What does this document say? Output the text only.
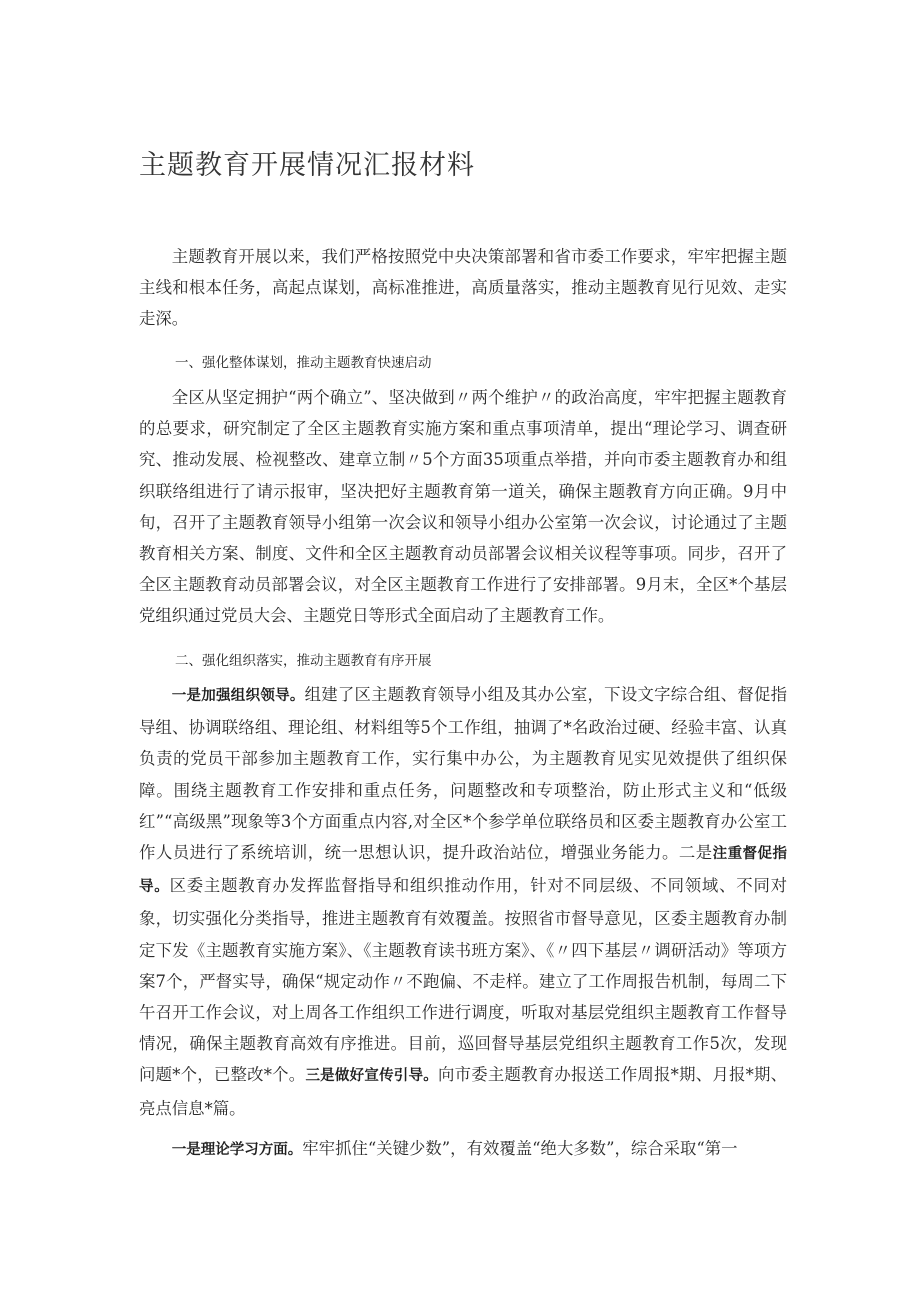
主题教育开展情况汇报材料

主题教育开展以来，我们严格按照党中央决策部署和省市委工作要求，牢牢把握主题主线和根本任务，高起点谋划，高标准推进，高质量落实，推动主题教育见行见效、走实走深。

一、强化整体谋划，推动主题教育快速启动

全区从坚定拥护“两个确立”、坚决做到〃两个维护〃的政治高度，牢牢把握主题教育的总要求，研究制定了全区主题教育实施方案和重点事项清单，提出“理论学习、调查研究、推动发展、检视整改、建章立制〃5个方面35项重点举措，并向市委主题教育办和组织联络组进行了请示报审，坚决把好主题教育第一道关，确保主题教育方向正确。9月中旬，召开了主题教育领导小组第一次会议和领导小组办公室第一次会议，讨论通过了主题教育相关方案、制度、文件和全区主题教育动员部署会议相关议程等事项。同步，召开了全区主题教育动员部署会议，对全区主题教育工作进行了安排部署。9月末，全区*个基层党组织通过党员大会、主题党日等形式全面启动了主题教育工作。

二、强化组织落实，推动主题教育有序开展

一是加强组织领导。组建了区主题教育领导小组及其办公室，下设文字综合组、督促指导组、协调联络组、理论组、材料组等5个工作组，抽调了*名政治过硬、经验丰富、认真负责的党员干部参加主题教育工作，实行集中办公，为主题教育见实见效提供了组织保障。围绕主题教育工作安排和重点任务，问题整改和专项整治，防止形式主义和“低级红”“高级黑”现象等3个方面重点内容,对全区*个参学单位联络员和区委主题教育办公室工作人员进行了系统培训，统一思想认识，提升政治站位，增强业务能力。二是注重督促指导。区委主题教育办发挥监督指导和组织推动作用，针对不同层级、不同领域、不同对象，切实强化分类指导，推进主题教育有效覆盖。按照省市督导意见，区委主题教育办制定下发《主题教育实施方案》、《主题教育读书班方案》、《〃四下基层〃调研活动》等项方案7个，严督实导，确保“规定动作〃不跑偏、不走样。建立了工作周报告机制，每周二下午召开工作会议，对上周各工作组织工作进行调度，听取对基层党组织主题教育工作督导情况，确保主题教育高效有序推进。目前，巡回督导基层党组织主题教育工作5次，发现问题*个，已整改*个。三是做好宣传引导。向市委主题教育办报送工作周报*期、月报*期、亮点信息*篇。

一是理论学习方面。牢牢抓住“关键少数”，有效覆盖“绝大多数”，综合采取“第一
